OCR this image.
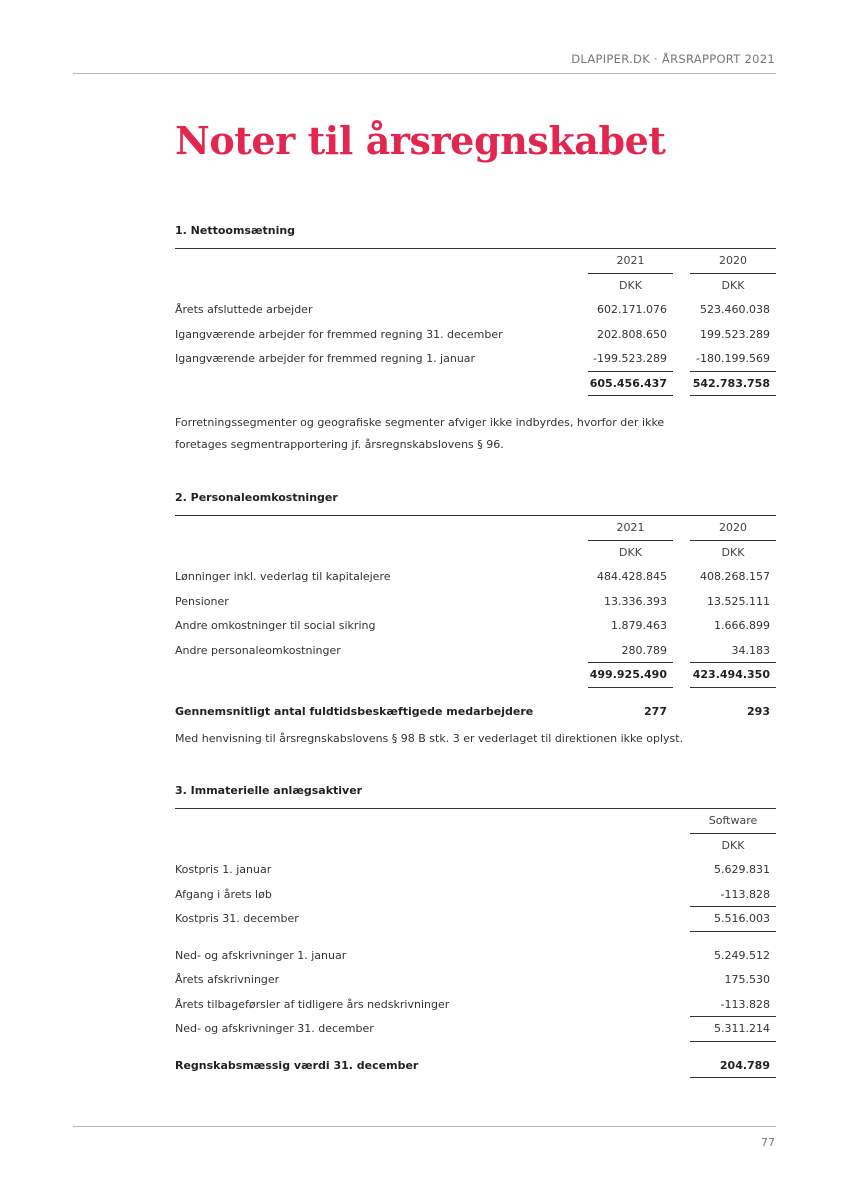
DLAPIPER.DK · ÅRSRAPPORT 2021
Noter til årsregnskabet
1. Nettoomsætning
	2021		2020
	DKK		DKK
Årets afsluttede arbejder	602.171.076		523.460.038
Igangværende arbejder for fremmed regning 31. december	202.808.650		199.523.289
Igangværende arbejder for fremmed regning 1. januar	-199.523.289		-180.199.569
	605.456.437		542.783.758

Forretningssegmenter og geografiske segmenter afviger ikke indbyrdes, hvorfor der ikke foretages segmentrapportering jf. årsregnskabslovens § 96.

2. Personaleomkostninger
	2021		2020
	DKK		DKK
Lønninger inkl. vederlag til kapitalejere	484.428.845		408.268.157
Pensioner	13.336.393		13.525.111
Andre omkostninger til social sikring	1.879.463		1.666.899
Andre personaleomkostninger	280.789		34.183
	499.925.490		423.494.350

Gennemsnitligt antal fuldtidsbeskæftigede medarbejdere	277		293

Med henvisning til årsregnskabslovens § 98 B stk. 3 er vederlaget til direktionen ikke oplyst.

3. Immaterielle anlægsaktiver
	Software
	DKK
Kostpris 1. januar	5.629.831
Afgang i årets løb	-113.828
Kostpris 31. december	5.516.003

Ned- og afskrivninger 1. januar	5.249.512
Årets afskrivninger	175.530
Årets tilbageførsler af tidligere års nedskrivninger	-113.828
Ned- og afskrivninger 31. december	5.311.214

Regnskabsmæssig værdi 31. december	204.789
77
